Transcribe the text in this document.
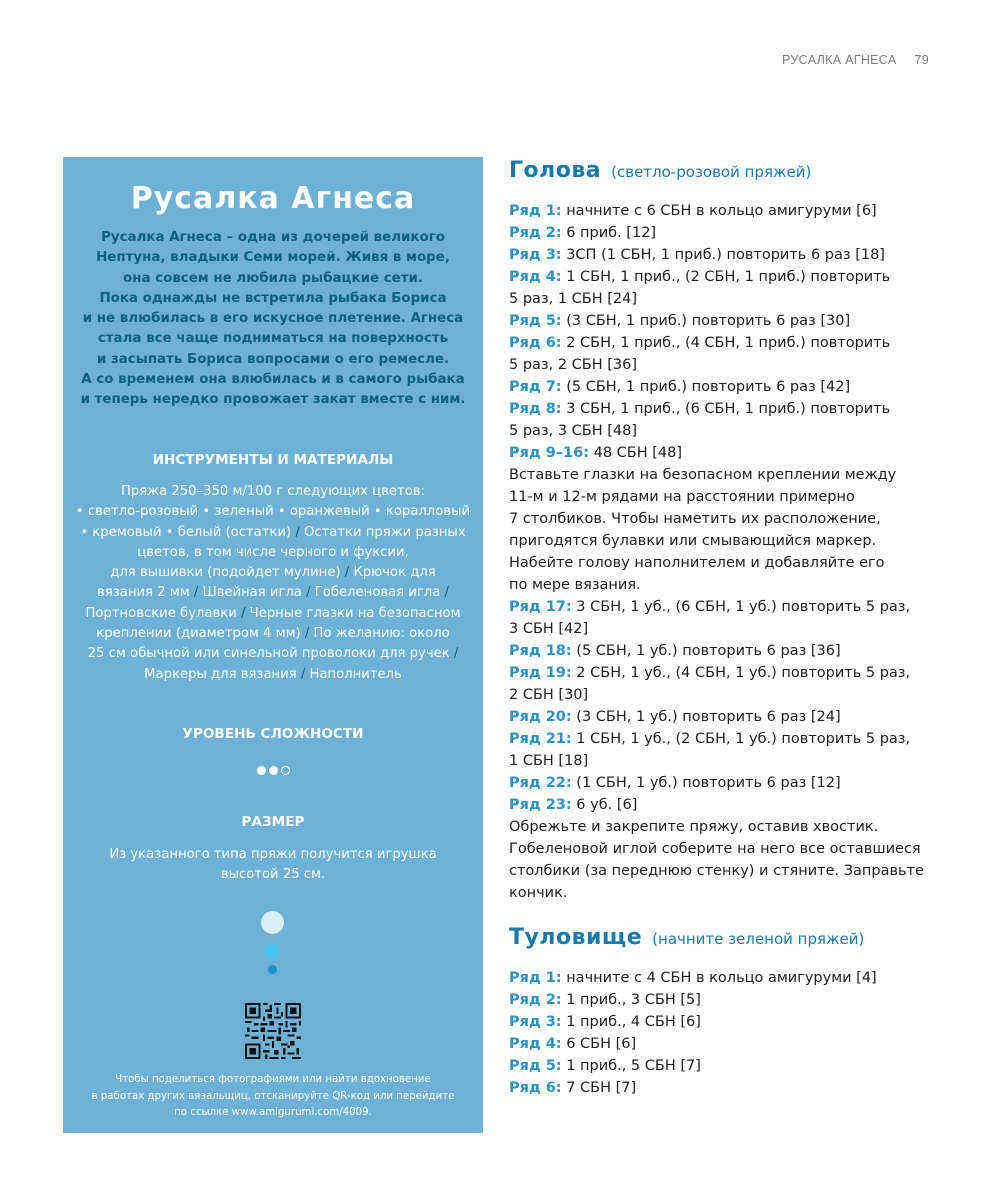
РУСАЛКА АГНЕСА 79
Русалка Агнеса

Русалка Агнеса – одна из дочерей великого

Нептуна, владыки Семи морей. Живя в море,

она совсем не любила рыбацкие сети.

Пока однажды не встретила рыбака Бориса

и не влюбилась в его искусное плетение. Агнеса

стала все чаще подниматься на поверхность

и засыпать Бориса вопросами о его ремесле.

А со временем она влюбилась и в самого рыбака

и теперь нередко провожает закат вместе с ним.

ИНСТРУМЕНТЫ И МАТЕРИАЛЫ

Пряжа 250–350 м/100 г следующих цветов:

• светло-розовый • зеленый • оранжевый • коралловый

• кремовый • белый (остатки) / Остатки пряжи разных

цветов, в том числе черного и фуксии,

для вышивки (подойдет мулине) / Крючок для

вязания 2 мм / Швейная игла / Гобеленовая игла /

Портновские булавки / Черные глазки на безопасном

креплении (диаметром 4 мм) / По желанию: около

25 см обычной или синельной проволоки для ручек /

Маркеры для вязания / Наполнитель

УРОВЕНЬ СЛОЖНОСТИ
РАЗМЕР

Из указанного типа пряжи получится игрушка

высотой 25 см.

Чтобы поделиться фотографиями или найти вдохновение

в работах других вязальщиц, отсканируйте QR-код или перейдите

по ссылке www.amigurumi.com/4009.

Голова (светло-розовой пряжей)
Ряд 1: начните с 6 СБН в кольцо амигуруми [6]
Ряд 2: 6 приб. [12]
Ряд 3: 3СП (1 СБН, 1 приб.) повторить 6 раз [18]
Ряд 4: 1 СБН, 1 приб., (2 СБН, 1 приб.) повторить
5 раз, 1 СБН [24]
Ряд 5: (3 СБН, 1 приб.) повторить 6 раз [30]
Ряд 6: 2 СБН, 1 приб., (4 СБН, 1 приб.) повторить
5 раз, 2 СБН [36]
Ряд 7: (5 СБН, 1 приб.) повторить 6 раз [42]
Ряд 8: 3 СБН, 1 приб., (6 СБН, 1 приб.) повторить
5 раз, 3 СБН [48]
Ряд 9–16: 48 СБН [48]
Вставьте глазки на безопасном креплении между
11-м и 12-м рядами на расстоянии примерно
7 столбиков. Чтобы наметить их расположение,
пригодятся булавки или смывающийся маркер.
Набейте голову наполнителем и добавляйте его
по мере вязания.
Ряд 17: 3 СБН, 1 уб., (6 СБН, 1 уб.) повторить 5 раз,
3 СБН [42]
Ряд 18: (5 СБН, 1 уб.) повторить 6 раз [36]
Ряд 19: 2 СБН, 1 уб., (4 СБН, 1 уб.) повторить 5 раз,
2 СБН [30]
Ряд 20: (3 СБН, 1 уб.) повторить 6 раз [24]
Ряд 21: 1 СБН, 1 уб., (2 СБН, 1 уб.) повторить 5 раз,
1 СБН [18]
Ряд 22: (1 СБН, 1 уб.) повторить 6 раз [12]
Ряд 23: 6 уб. [6]
Обрежьте и закрепите пряжу, оставив хвостик.
Гобеленовой иглой соберите на него все оставшиеся
столбики (за переднюю стенку) и стяните. Заправьте
кончик.
Туловище (начните зеленой пряжей)
Ряд 1: начните с 4 СБН в кольцо амигуруми [4]
Ряд 2: 1 приб., 3 СБН [5]
Ряд 3: 1 приб., 4 СБН [6]
Ряд 4: 6 СБН [6]
Ряд 5: 1 приб., 5 СБН [7]
Ряд 6: 7 СБН [7]
